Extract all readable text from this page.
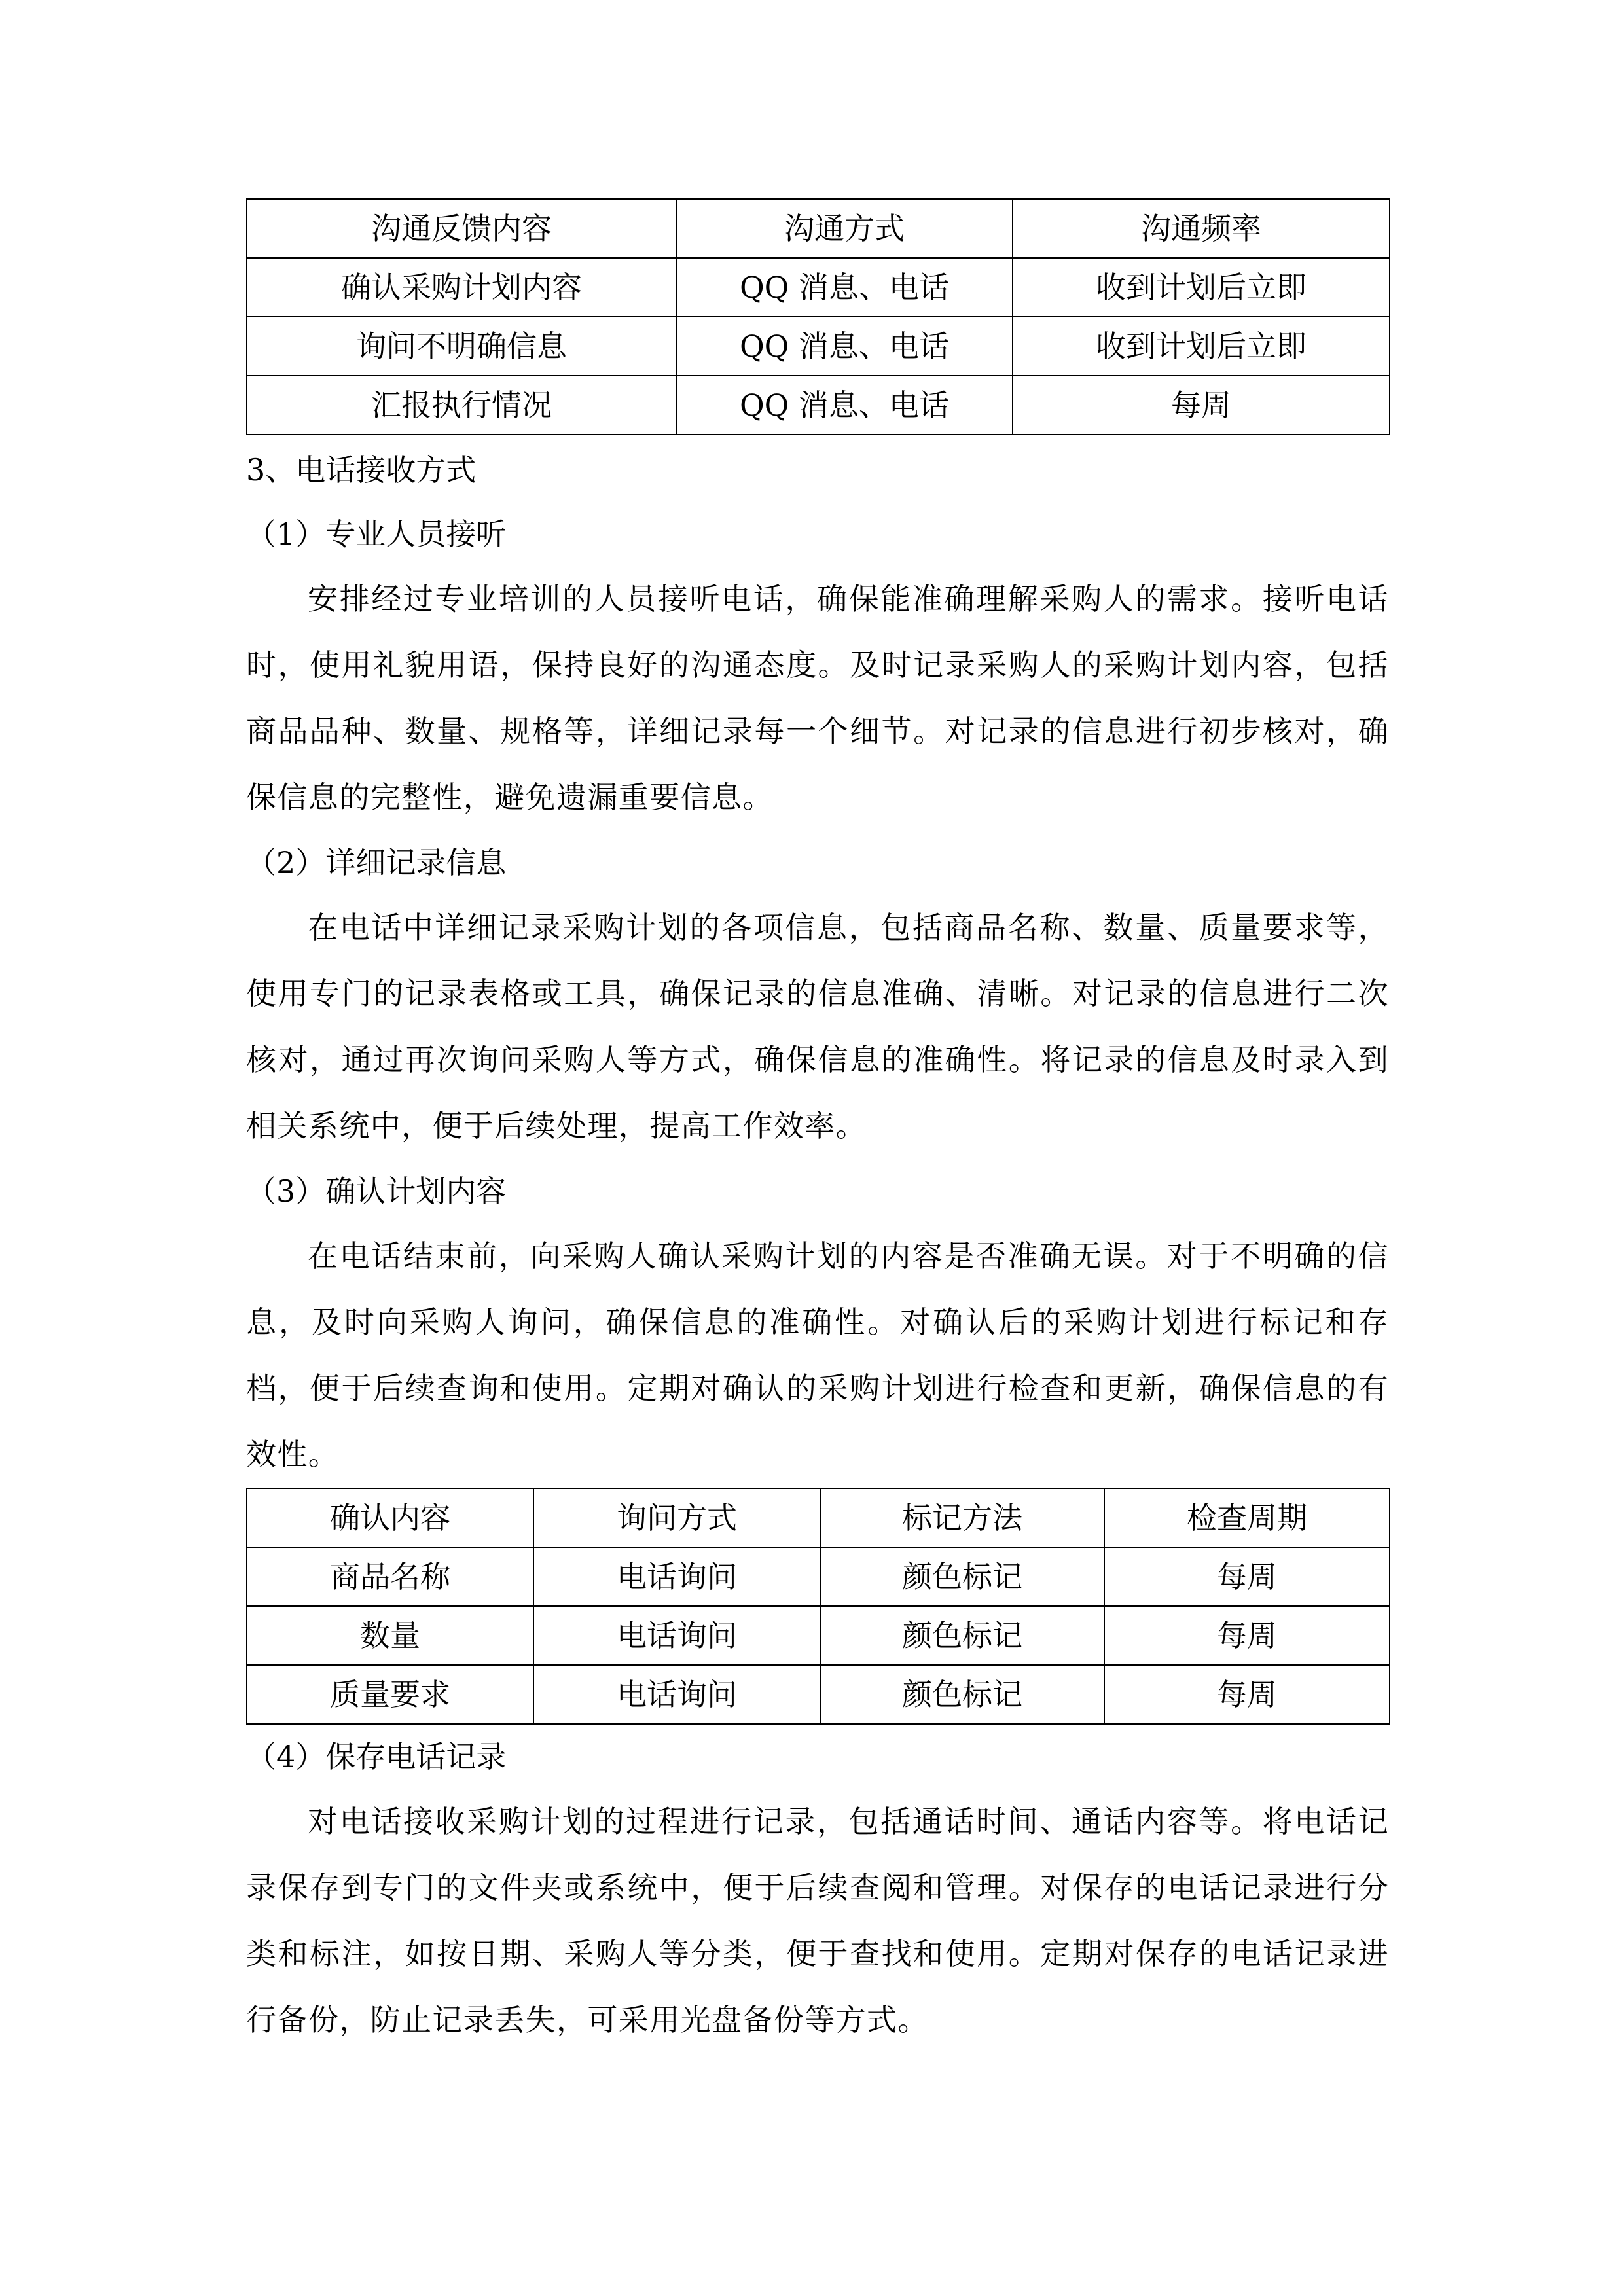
沟通反馈内容	沟通方式	沟通频率
确认采购计划内容	QQ 消息、电话	收到计划后立即
询问不明确信息	QQ 消息、电话	收到计划后立即
汇报执行情况	QQ 消息、电话	每周

3、电话接收方式

（1）专业人员接听

安排经过专业培训的人员接听电话，确保能准确理解采购人的需求。接听电话时，使用礼貌用语，保持良好的沟通态度。及时记录采购人的采购计划内容，包括商品品种、数量、规格等，详细记录每一个细节。对记录的信息进行初步核对，确保信息的完整性，避免遗漏重要信息。

（2）详细记录信息

在电话中详细记录采购计划的各项信息，包括商品名称、数量、质量要求等，使用专门的记录表格或工具，确保记录的信息准确、清晰。对记录的信息进行二次核对，通过再次询问采购人等方式，确保信息的准确性。将记录的信息及时录入到相关系统中，便于后续处理，提高工作效率。

（3）确认计划内容

在电话结束前，向采购人确认采购计划的内容是否准确无误。对于不明确的信息，及时向采购人询问，确保信息的准确性。对确认后的采购计划进行标记和存档，便于后续查询和使用。定期对确认的采购计划进行检查和更新，确保信息的有效性。

确认内容	询问方式	标记方法	检查周期
商品名称	电话询问	颜色标记	每周
数量	电话询问	颜色标记	每周
质量要求	电话询问	颜色标记	每周

（4）保存电话记录

对电话接收采购计划的过程进行记录，包括通话时间、通话内容等。将电话记录保存到专门的文件夹或系统中，便于后续查阅和管理。对保存的电话记录进行分类和标注，如按日期、采购人等分类，便于查找和使用。定期对保存的电话记录进行备份，防止记录丢失，可采用光盘备份等方式。
